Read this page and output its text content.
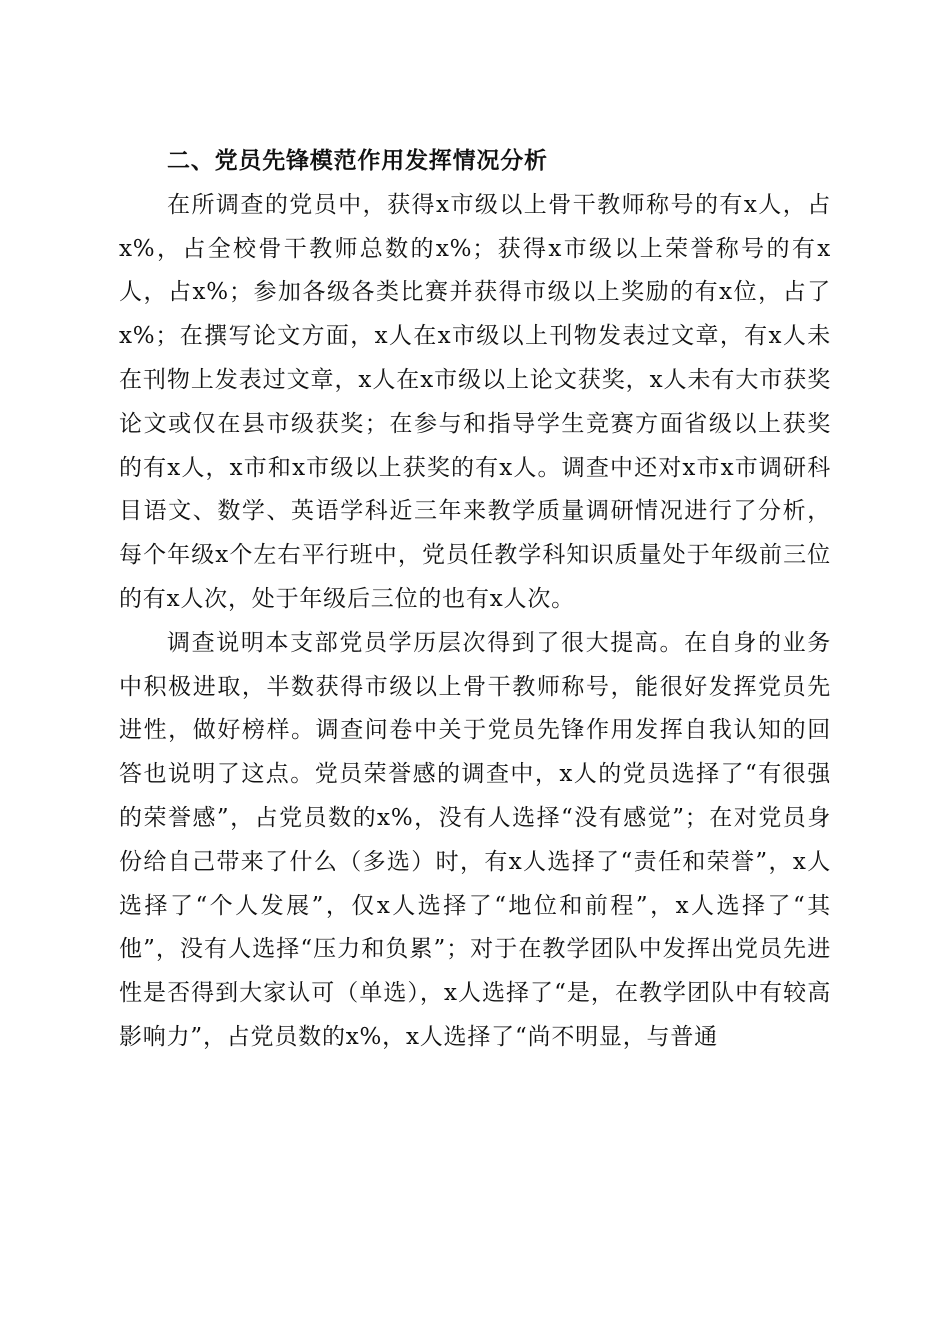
二、党员先锋模范作用发挥情况分析

在所调查的党员中，获得x市级以上骨干教师称号的有x人，占x%，占全校骨干教师总数的x%；获得x市级以上荣誉称号的有x人，占x%；参加各级各类比赛并获得市级以上奖励的有x位，占了x%；在撰写论文方面，x人在x市级以上刊物发表过文章，有x人未在刊物上发表过文章，x人在x市级以上论文获奖，x人未有大市获奖论文或仅在县市级获奖；在参与和指导学生竞赛方面省级以上获奖的有x人，x市和x市级以上获奖的有x人。调查中还对x市x市调研科目语文、数学、英语学科近三年来教学质量调研情况进行了分析，每个年级x个左右平行班中，党员任教学科知识质量处于年级前三位的有x人次，处于年级后三位的也有x人次。

调查说明本支部党员学历层次得到了很大提高。在自身的业务中积极进取，半数获得市级以上骨干教师称号，能很好发挥党员先进性，做好榜样。调查问卷中关于党员先锋作用发挥自我认知的回答也说明了这点。党员荣誉感的调查中，x人的党员选择了“有很强的荣誉感”，占党员数的x%，没有人选择“没有感觉”；在对党员身份给自己带来了什么（多选）时，有x人选择了“责任和荣誉”，x人选择了“个人发展”，仅x人选择了“地位和前程”，x人选择了“其他”，没有人选择“压力和负累”；对于在教学团队中发挥出党员先进性是否得到大家认可（单选），x人选择了“是，在教学团队中有较高影响力”，占党员数的x%，x人选择了“尚不明显，与普通
